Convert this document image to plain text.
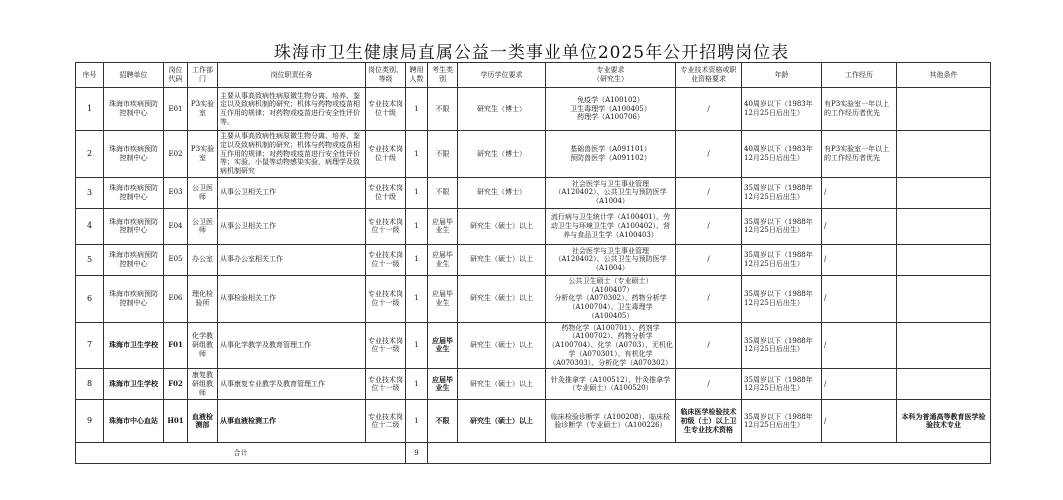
珠海市卫生健康局直属公益一类事业单位2025年公开招聘岗位表
序号	招聘单位	岗位代码	工作部门	岗位职责任务	岗位类别、等级	聘用人数	考生类别	学历学位要求	专业要求
（研究生）	专业技术资格或职业资格要求	年龄	工作经历	其他条件
1	珠海市疾病预防控制中心	E01	P3实验室	主要从事高致病性病原微生物分离、培养、鉴定以及致病机制的研究；机体与药物或疫苗相互作用的规律；对药物或疫苗进行安全性评价等。	专业技术岗位十级	1	不限	研究生（博士）	免疫学（A100102）
卫生毒理学（A100405）
药理学（A100706）	/	40周岁以下（1983年12月25日后出生）	有P3实验室一年以上的工作经历者优先	
2	珠海市疾病预防控制中心	E02	P3实验室	主要从事高致病性病原微生物分离、培养、鉴定以及致病机制的研究；机体与药物或疫苗相互作用的规律；对药物或疫苗进行安全性评价等；实验、小鼠等动物感染实验，病理学及致病机制研究	专业技术岗位十级	1	不限	研究生（博士）	基础兽医学（A091101）
预防兽医学（A091102）	/	40周岁以下（1983年12月25日后出生）	有P3实验室一年以上的工作经历者优先	
3	珠海市疾病预防控制中心	E03	公卫医师	从事公卫相关工作	专业技术岗位十级	1	不限	研究生（博士）	社会医学与卫生事业管理（A120402）、公共卫生与预防医学（A1004）	/	35周岁以下（1988年12月25日后出生）	/	
4	珠海市疾病预防控制中心	E04	公卫医师	从事公卫相关工作	专业技术岗位十一级	1	应届毕业生	研究生（硕士）以上	流行病与卫生统计学（A100401）、劳动卫生与环境卫生学（A100402）、营养与食品卫生学（A100403）	/	35周岁以下（1988年12月25日后出生）	/	
5	珠海市疾病预防控制中心	E05	办公室	从事办公室相关工作	专业技术岗位十一级	1	应届毕业生	研究生（硕士）以上	社会医学与卫生事业管理（A120402）、公共卫生与预防医学（A1004）	/	35周岁以下（1988年12月25日后出生）	/	
6	珠海市疾病预防控制中心	E06	理化检验所	从事检验相关工作	专业技术岗位十一级	1	应届毕业生	研究生（硕士）以上	公共卫生硕士（专业硕士）（A100407）
分析化学（A070302）、药物分析学（A100704）、卫生毒理学（A100405）	/	35周岁以下（1988年12月25日后出生）	/	
7	珠海市卫生学校	F01	化学教研组教师	从事化学教学及教育管理工作	专业技术岗位十一级	1	应届毕业生	研究生（硕士）以上	药物化学（A100701）、药剂学（A100702）、药物分析学（A100704）、化学（A0703）、无机化学（A070301）、有机化学（A070303）、分析化学（A070302）	/	35周岁以下（1988年12月25日后出生）	/	
8	珠海市卫生学校	F02	康复教研组教师	从事康复专业教学及教育管理工作	专业技术岗位十一级	1	应届毕业生	研究生（硕士）以上	针灸推拿学（A100512）、针灸推拿学（专业硕士）（A100520）	/	35周岁以下（1988年12月25日后出生）	/	
9	珠海市中心血站	H01	血液检测部	从事血液检测工作	专业技术岗位十二级	1	不限	研究生（硕士）以上	临床检验诊断学（A100208）、临床检验诊断学（专业硕士）（A100226）	临床医学检验技术初级（士）以上卫生专业技术资格	35周岁以下（1988年12月25日后出生）	/	本科为普通高等教育医学检验技术专业
合计						9							
